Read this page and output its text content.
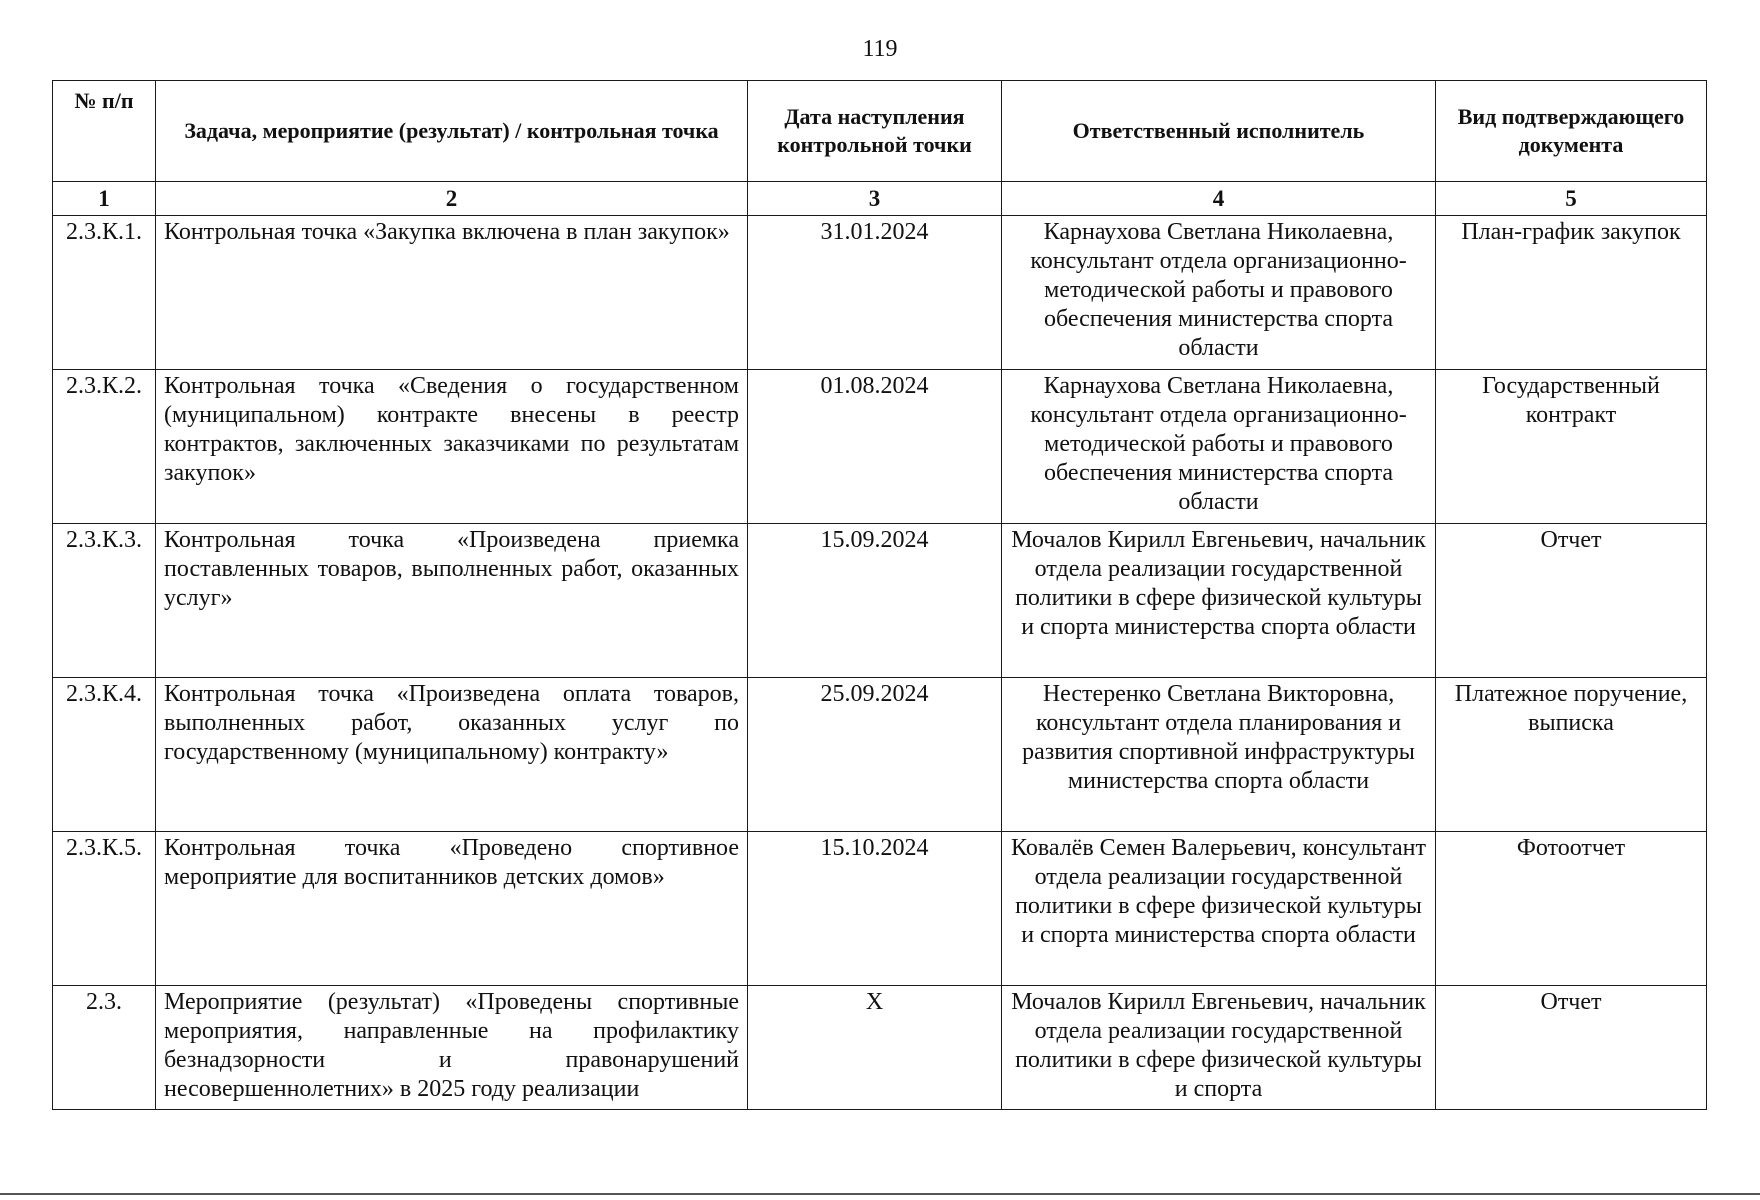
119
№ п/п	Задача, мероприятие (результат) / контрольная точка	Дата наступления контрольной точки	Ответственный исполнитель	Вид подтверждающего документа
1	2	3	4	5
2.3.К.1.	Контрольная точка «Закупка включена в план закупок»	31.01.2024	Карнаухова Светлана Николаевна, консультант отдела организационно-методической работы и правового обеспечения министерства спорта области	План-график закупок
2.3.К.2.	Контрольная точка «Сведения о государственном (муниципальном) контракте внесены в реестр контрактов, заключенных заказчиками по результатам закупок»	01.08.2024	Карнаухова Светлана Николаевна, консультант отдела организационно-методической работы и правового обеспечения министерства спорта области	Государственный контракт
2.3.К.3.	Контрольная точка «Произведена приемка поставленных товаров, выполненных работ, оказанных услуг»	15.09.2024	Мочалов Кирилл Евгеньевич, начальник отдела реализации государственной политики в сфере физической культуры и спорта министерства спорта области	Отчет
2.3.К.4.	Контрольная точка «Произведена оплата товаров, выполненных работ, оказанных услуг по государственному (муниципальному) контракту»	25.09.2024	Нестеренко Светлана Викторовна, консультант отдела планирования и развития спортивной инфраструктуры министерства спорта области	Платежное поручение, выписка
2.3.К.5.	Контрольная точка «Проведено спортивное мероприятие для воспитанников детских домов»	15.10.2024	Ковалёв Семен Валерьевич, консультант отдела реализации государственной политики в сфере физической культуры и спорта министерства спорта области	Фотоотчет
2.3.	Мероприятие (результат) «Проведены спортивные мероприятия, направленные на профилактику безнадзорности и правонарушений несовершеннолетних» в 2025 году реализации	Х	Мочалов Кирилл Евгеньевич, начальник отдела реализации государственной политики в сфере физической культуры и спорта	Отчет
